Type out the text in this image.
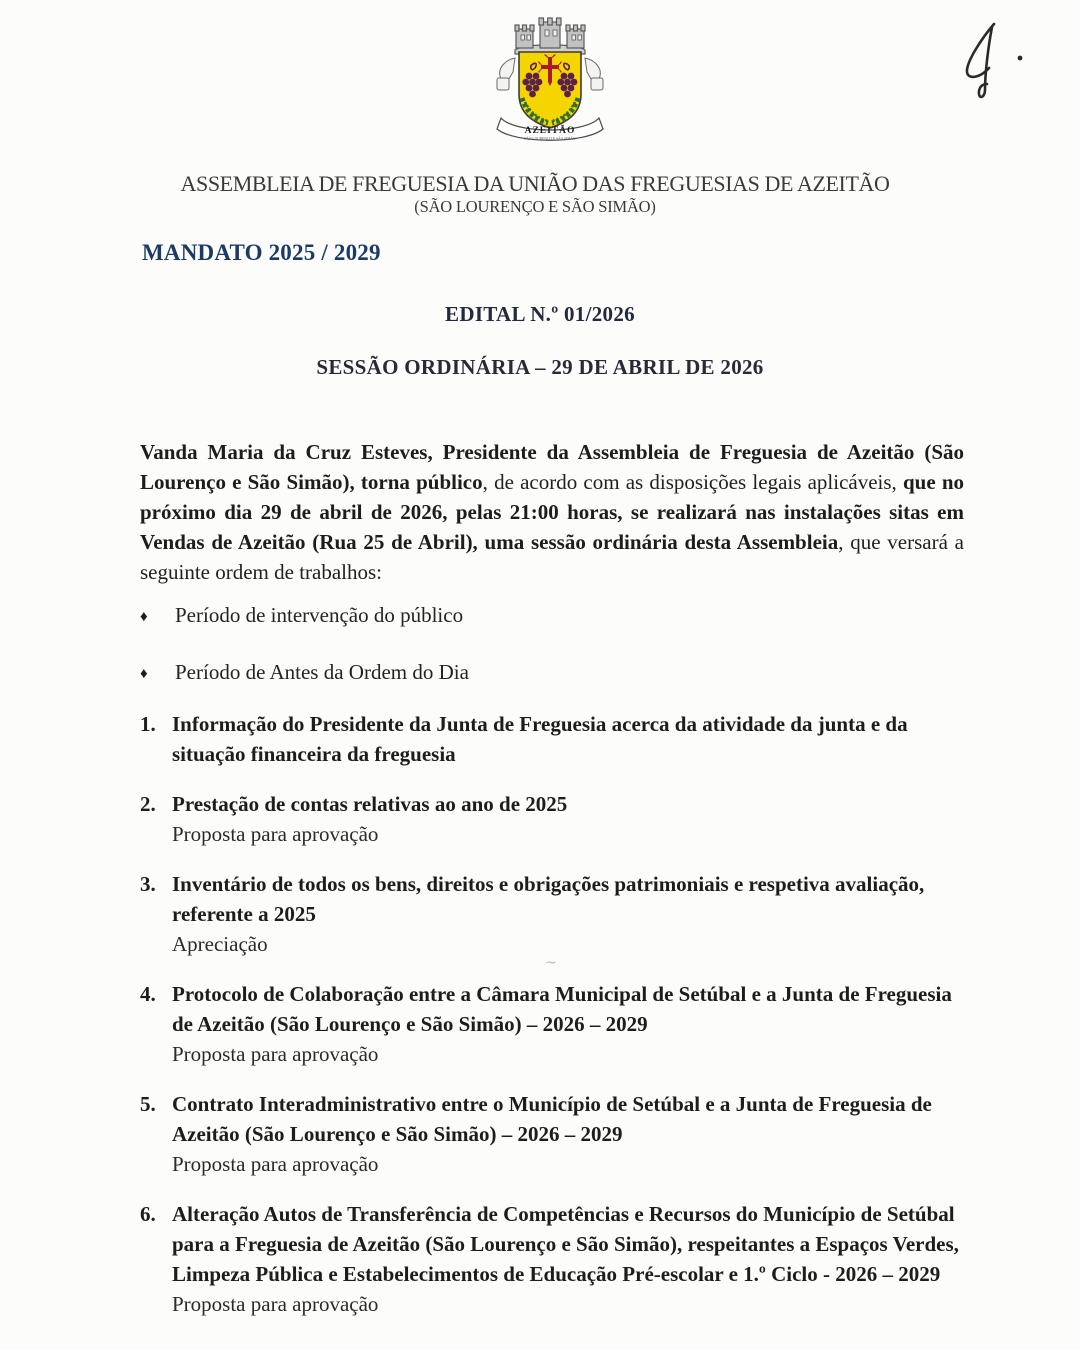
AZEITÃO
SÃO LOURENÇO E SÃO SIMÃO
ASSEMBLEIA DE FREGUESIA DA UNIÃO DAS FREGUESIAS DE AZEITÃO
(SÃO LOURENÇO E SÃO SIMÃO)
MANDATO 2025 / 2029
EDITAL N.º 01/2026
SESSÃO ORDINÁRIA – 29 DE ABRIL DE 2026
Vanda Maria da Cruz Esteves, Presidente da Assembleia de Freguesia de Azeitão (São Lourenço e São Simão), torna público, de acordo com as disposições legais aplicáveis, que no próximo dia 29 de abril de 2026, pelas 21:00 horas, se realizará nas instalações sitas em Vendas de Azeitão (Rua 25 de Abril), uma sessão ordinária desta Assembleia, que versará a seguinte ordem de trabalhos:
♦	Período de intervenção do público
♦	Período de Antes da Ordem do Dia
1. Informação do Presidente da Junta de Freguesia acerca da atividade da junta e da situação financeira da freguesia
2. Prestação de contas relativas ao ano de 2025
Proposta para aprovação
3. Inventário de todos os bens, direitos e obrigações patrimoniais e respetiva avaliação, referente a 2025
Apreciação
4. Protocolo de Colaboração entre a Câmara Municipal de Setúbal e a Junta de Freguesia de Azeitão (São Lourenço e São Simão) – 2026 – 2029
Proposta para aprovação
5. Contrato Interadministrativo entre o Município de Setúbal e a Junta de Freguesia de Azeitão (São Lourenço e São Simão) – 2026 – 2029
Proposta para aprovação
6. Alteração Autos de Transferência de Competências e Recursos do Município de Setúbal para a Freguesia de Azeitão (São Lourenço e São Simão), respeitantes a Espaços Verdes, Limpeza Pública e Estabelecimentos de Educação Pré-escolar e 1.º Ciclo - 2026 – 2029
Proposta para aprovação
~
